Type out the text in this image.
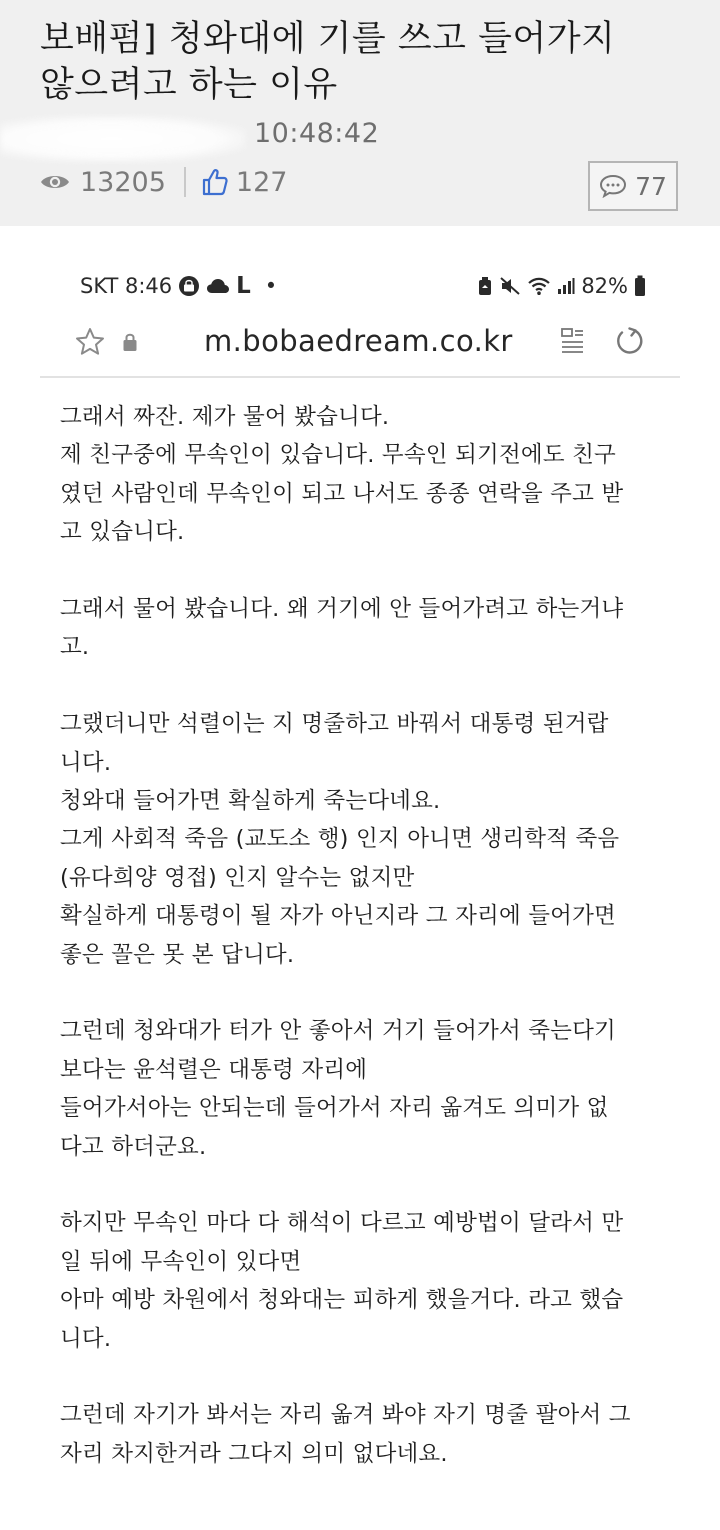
보배펌] 청와대에 기를 쓰고 들어가지
않으려고 하는 이유
10:48:42
13205	127	77
SKT 8:46	L •	82%
m.bobaedream.co.kr

그래서 짜잔. 제가 물어 봤습니다.
제 친구중에 무속인이 있습니다. 무속인 되기전에도 친구
였던 사람인데 무속인이 되고 나서도 종종 연락을 주고 받
고 있습니다.

그래서 물어 봤습니다. 왜 거기에 안 들어가려고 하는거냐
고.

그랬더니만 석렬이는 지 명줄하고 바꿔서 대통령 된거랍
니다.
청와대 들어가면 확실하게 죽는다네요.
그게 사회적 죽음 (교도소 행) 인지 아니면 생리학적 죽음
(유다희양 영접) 인지 알수는 없지만
확실하게 대통령이 될 자가 아닌지라 그 자리에 들어가면
좋은 꼴은 못 본 답니다.

그런데 청와대가 터가 안 좋아서 거기 들어가서 죽는다기
보다는 윤석렬은 대통령 자리에
들어가서아는 안되는데 들어가서 자리 옮겨도 의미가 없
다고 하더군요.

하지만 무속인 마다 다 해석이 다르고 예방법이 달라서 만
일 뒤에 무속인이 있다면
아마 예방 차원에서 청와대는 피하게 했을거다. 라고 했습
니다.

그런데 자기가 봐서는 자리 옮겨 봐야 자기 명줄 팔아서 그
자리 차지한거라 그다지 의미 없다네요.
